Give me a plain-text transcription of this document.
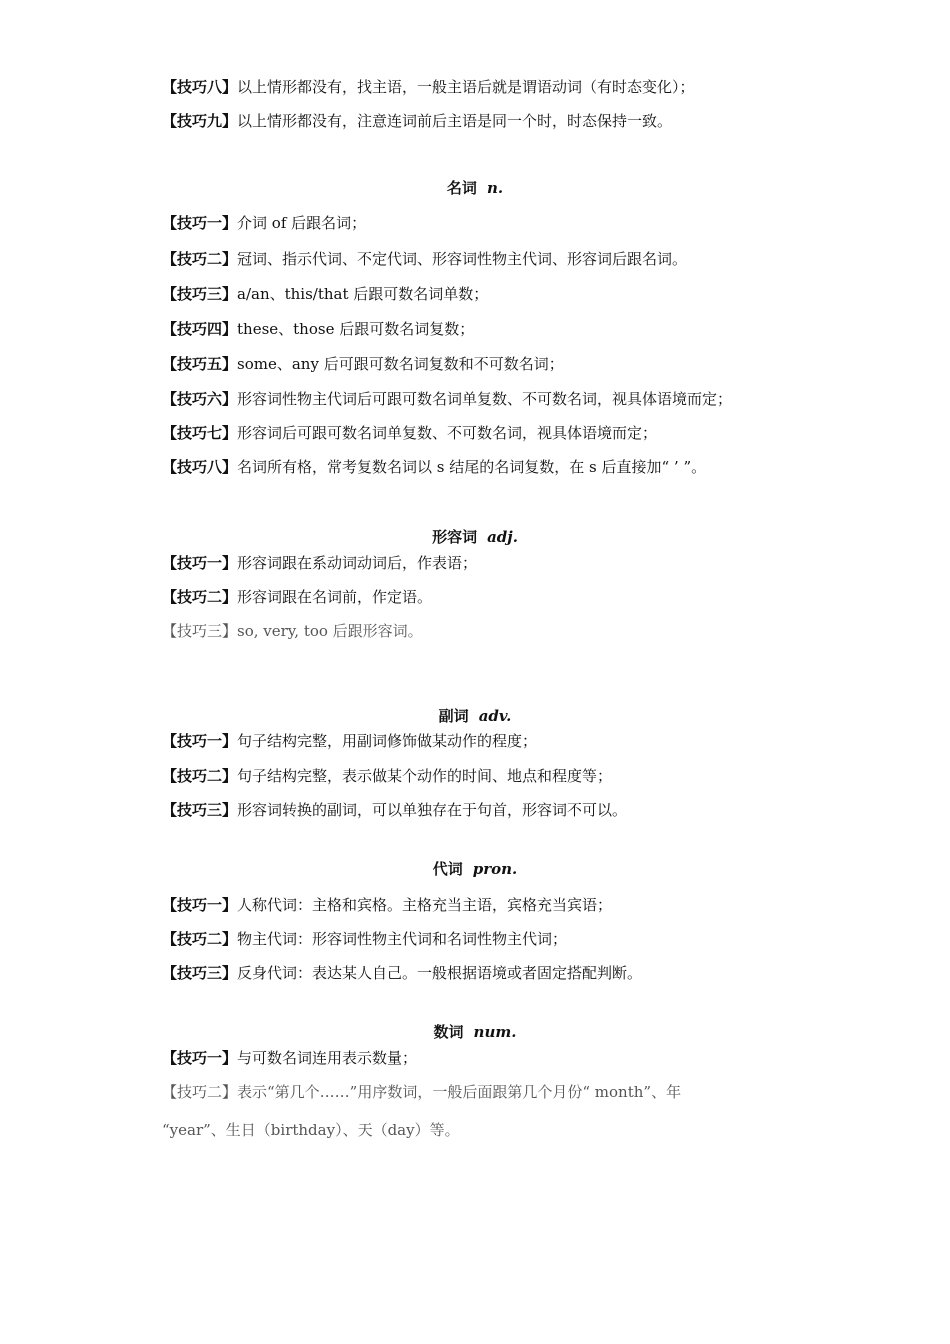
【技巧八】以上情形都没有，找主语，一般主语后就是谓语动词（有时态变化）；
【技巧九】以上情形都没有，注意连词前后主语是同一个时，时态保持一致。
名词 n.
【技巧一】介词 of 后跟名词；
【技巧二】冠词、指示代词、不定代词、形容词性物主代词、形容词后跟名词。
【技巧三】a/an、this/that 后跟可数名词单数；
【技巧四】these、those 后跟可数名词复数；
【技巧五】some、any 后可跟可数名词复数和不可数名词；
【技巧六】形容词性物主代词后可跟可数名词单复数、不可数名词，视具体语境而定；
【技巧七】形容词后可跟可数名词单复数、不可数名词，视具体语境而定；
【技巧八】名词所有格，常考复数名词以 s 结尾的名词复数，在 s 后直接加“ ’ ”。
形容词 adj.
【技巧一】形容词跟在系动词动词后，作表语；
【技巧二】形容词跟在名词前，作定语。
【技巧三】so, very, too 后跟形容词。
副词 adv.
【技巧一】句子结构完整，用副词修饰做某动作的程度；
【技巧二】句子结构完整，表示做某个动作的时间、地点和程度等；
【技巧三】形容词转换的副词，可以单独存在于句首，形容词不可以。
代词 pron.
【技巧一】人称代词：主格和宾格。主格充当主语，宾格充当宾语；
【技巧二】物主代词：形容词性物主代词和名词性物主代词；
【技巧三】反身代词：表达某人自己。一般根据语境或者固定搭配判断。
数词 num.
【技巧一】与可数名词连用表示数量；
【技巧二】表示“第几个……”用序数词，一般后面跟第几个月份“ month”、年
“year”、生日（birthday）、天（day）等。
